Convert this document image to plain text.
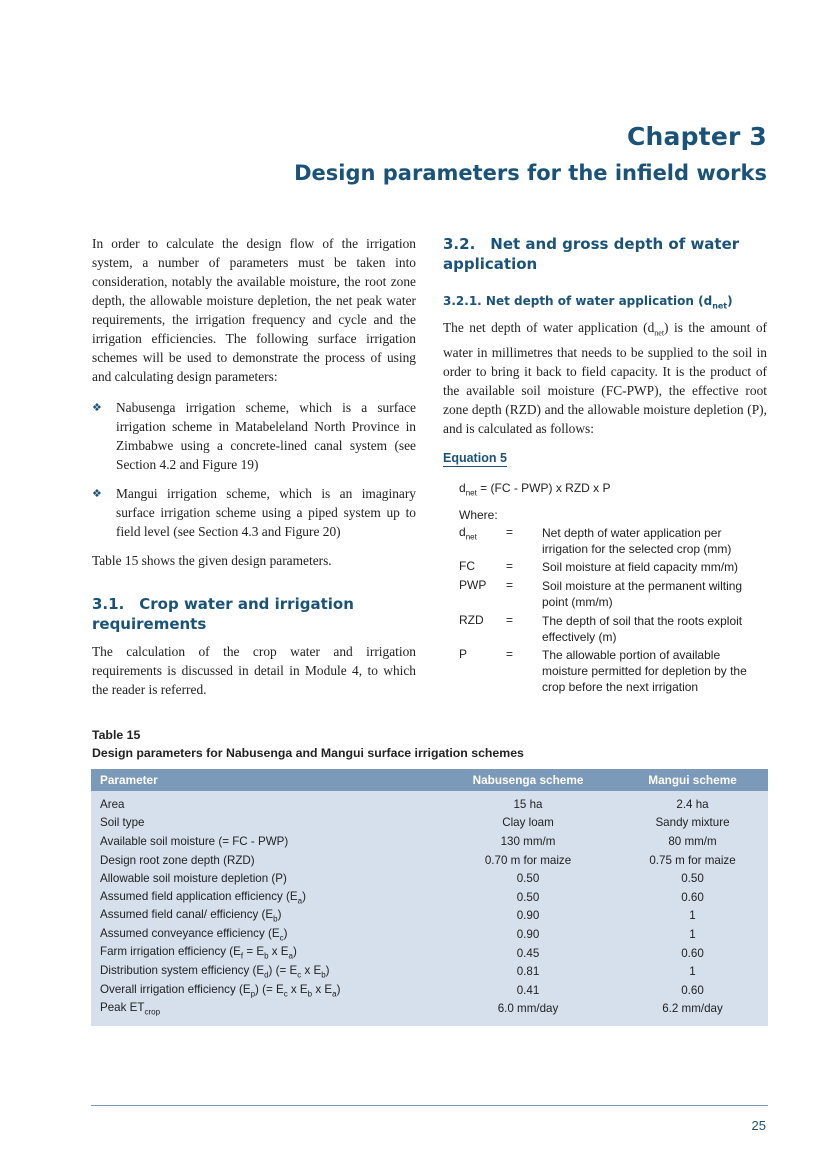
Chapter 3
Design parameters for the infield works

In order to calculate the design flow of the irrigation system, a number of parameters must be taken into consideration, notably the available moisture, the root zone depth, the allowable moisture depletion, the net peak water requirements, the irrigation frequency and cycle and the irrigation efficiencies. The following surface irrigation schemes will be used to demonstrate the process of using and calculating design parameters:

❖ Nabusenga irrigation scheme, which is a surface irrigation scheme in Matabeleland North Province in Zimbabwe using a concrete-lined canal system (see Section 4.2 and Figure 19)
❖ Mangui irrigation scheme, which is an imaginary surface irrigation scheme using a piped system up to field level (see Section 4.3 and Figure 20)

Table 15 shows the given design parameters.

3.1. Crop water and irrigation requirements

The calculation of the crop water and irrigation requirements is discussed in detail in Module 4, to which the reader is referred.

3.2. Net and gross depth of water application
3.2.1. Net depth of water application $(d_{net})$

The net depth of water application $(d_{net})$ is the amount of water in millimetres that needs to be supplied to the soil in order to bring it back to field capacity. It is the product of the available soil moisture (FC-PWP), the effective root zone depth (RZD) and the allowable moisture depletion (P), and is calculated as follows:

Equation 5
$d_{net} = (FC - PWP)$ x RZD x P
Where:
$d_{net}$ = Net depth of water application per irrigation for the selected crop (mm)
FC	= Soil moisture at field capacity mm/m)
PWP = Soil moisture at the permanent wilting point (mm/m)
RZD = The depth of soil that the roots exploit effectively (m)
P	= The allowable portion of available moisture permitted for depletion by the crop before the next irrigation
Table 15
Design parameters for Nabusenga and Mangui surface irrigation schemes
Parameter	Nabusenga scheme	Mangui scheme
Area	15 ha	2.4 ha
Soil type	Clay loam	Sandy mixture
Available soil moisture (= FC - PWP)	130 mm/m	80 mm/m
Design root zone depth (RZD)	0.70 m for maize	0.75 m for maize
Allowable soil moisture depletion (P)	0.50	0.50
Assumed field application efficiency $(E_a)$	0.50	0.60
Assumed field canal/ efficiency $(E_b)$	0.90	1
Assumed conveyance efficiency $(E_c)$	0.90	1
Farm irrigation efficiency ($E_f = E_b$ x $E_a$)	0.45	0.60
Distribution system efficiency $(E_d)$ (= $E_c$ x $E_b$)	0.81	1
Overall irrigation efficiency $(E_p)$ (= $E_c$ x $E_b$ x $E_a$)	0.41	0.60
Peak $ET_{crop}$	6.0 mm/day	6.2 mm/day
25
